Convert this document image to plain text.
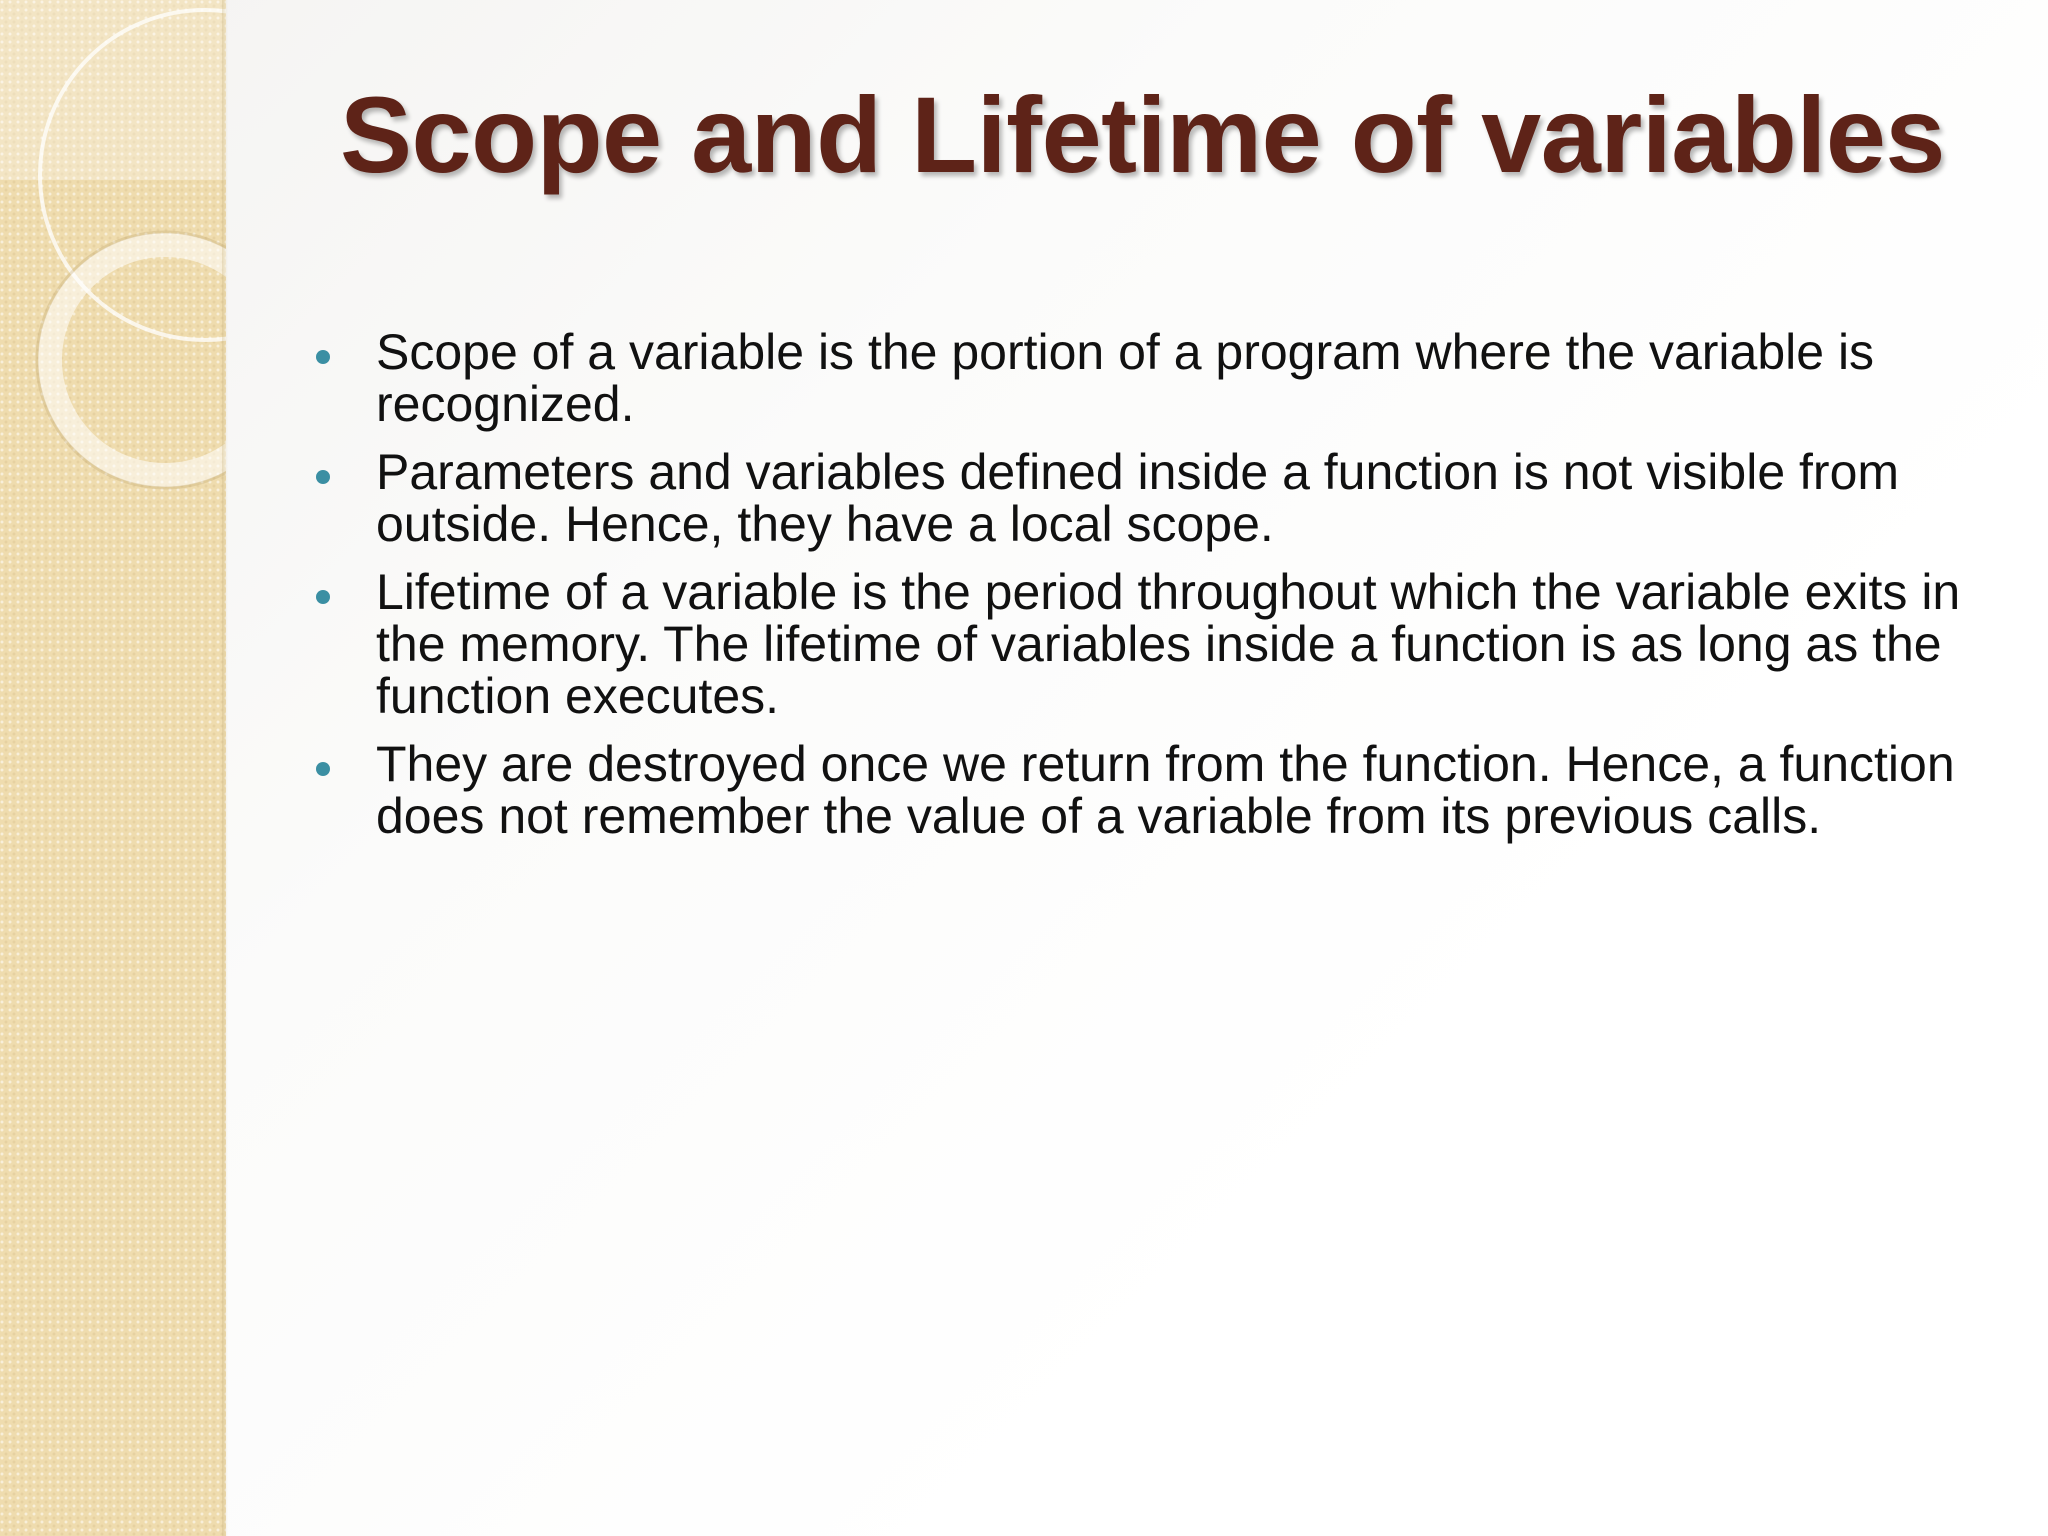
Scope and Lifetime of variables
Scope of a variable is the portion of a program where the variable is recognized.
Parameters and variables defined inside a function is not visible from outside. Hence, they have a local scope.
Lifetime of a variable is the period throughout which the variable exits in the memory. The lifetime of variables inside a function is as long as the function executes.
They are destroyed once we return from the function. Hence, a function does not remember the value of a variable from its previous calls.
